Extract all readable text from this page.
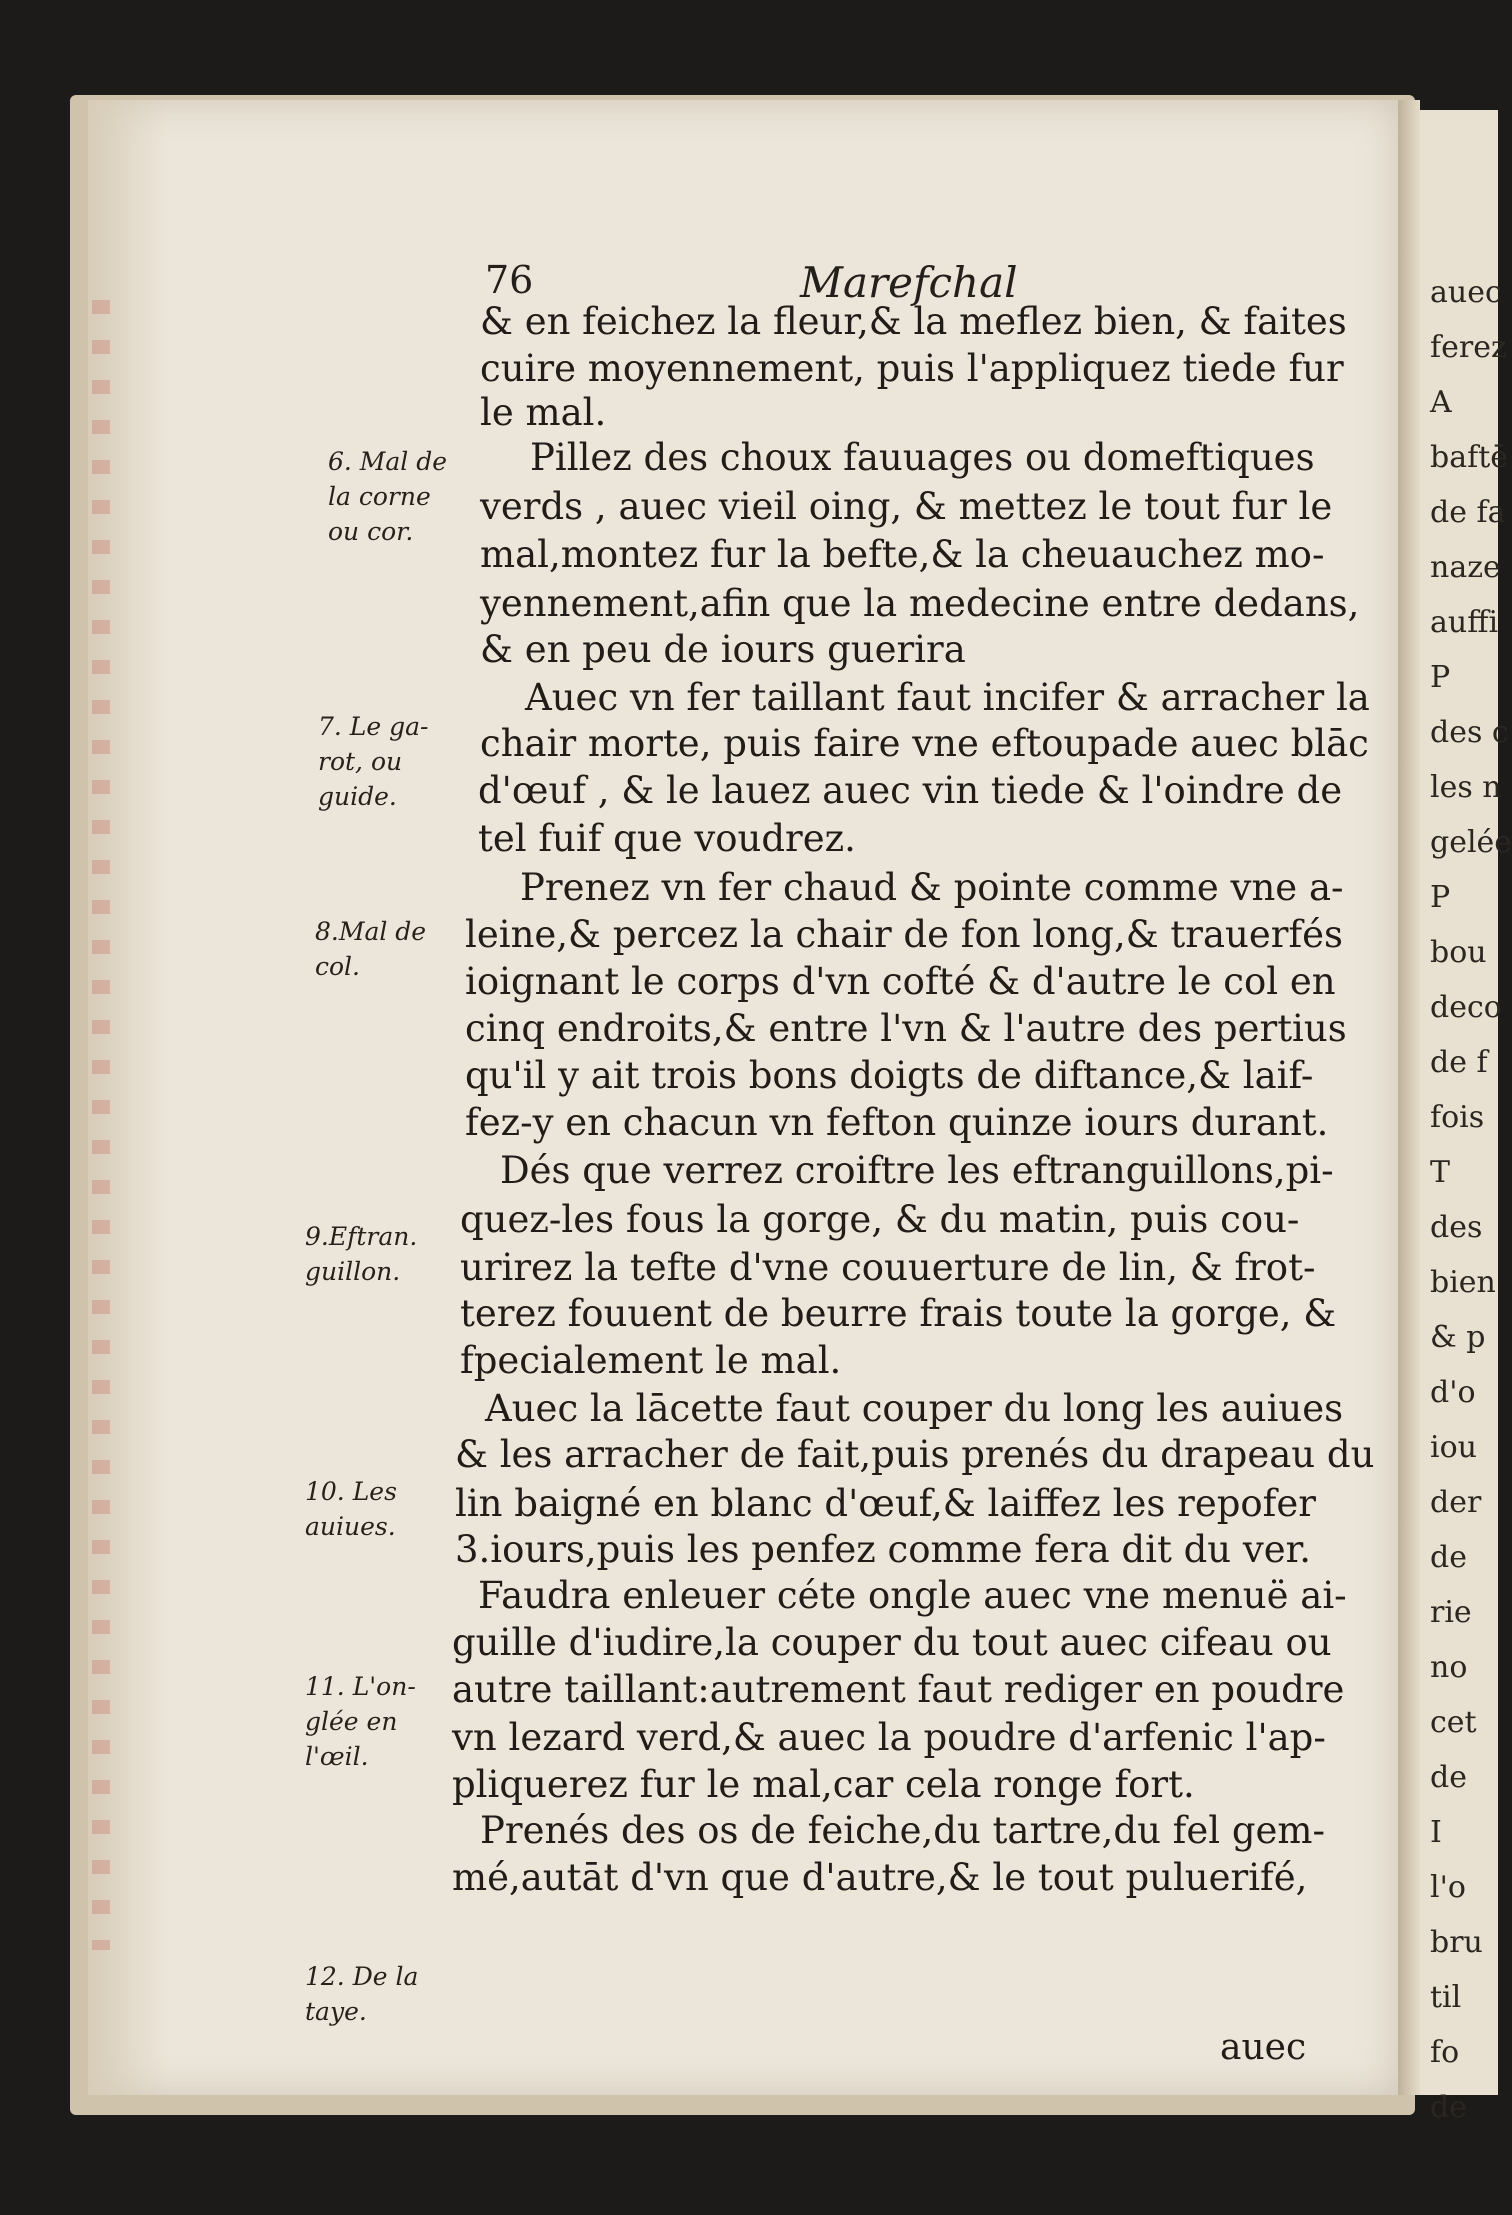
auec
ferez
A
baftē
de fa
naze
auffi
P
des c
les n
gelée
P
bou
deco
de f
fois
T
des
bien
& p
d'o
iou
der
de
rie
no
cet
de
I
l'o
bru
til
fo
de
76	Marefchal
& en feichez la fleur,& la meflez bien, & faites
cuire moyennement, puis l'appliquez tiede fur
le mal.
Pillez des choux fauuages ou domeftiques
verds , auec vieil oing, & mettez le tout fur le
mal,montez fur la befte,& la cheuauchez mo-
yennement,afin que la medecine entre dedans,
& en peu de iours guerira
Auec vn fer taillant faut incifer & arracher la
chair morte, puis faire vne eftoupade auec blāc
d'œuf , & le lauez auec vin tiede & l'oindre de
tel fuif que voudrez.
Prenez vn fer chaud & pointe comme vne a-
leine,& percez la chair de fon long,& trauerfés
ioignant le corps d'vn cofté & d'autre le col en
cinq endroits,& entre l'vn & l'autre des pertius
qu'il y ait trois bons doigts de diftance,& laif-
fez-y en chacun vn fefton quinze iours durant.
Dés que verrez croiftre les eftranguillons,pi-
quez-les fous la gorge, & du matin, puis cou-
urirez la tefte d'vne couuerture de lin, & frot-
terez fouuent de beurre frais toute la gorge, &
fpecialement le mal.
Auec la lācette faut couper du long les auiues
& les arracher de fait,puis prenés du drapeau du
lin baigné en blanc d'œuf,& laiffez les repofer
3.iours,puis les penfez comme fera dit du ver.
Faudra enleuer céte ongle auec vne menuë ai-
guille d'iudire,la couper du tout auec cifeau ou
autre taillant:autrement faut rediger en poudre
vn lezard verd,& auec la poudre d'arfenic l'ap-
pliquerez fur le mal,car cela ronge fort.
Prenés des os de feiche,du tartre,du fel gem-
mé,autāt d'vn que d'autre,& le tout puluerifé,
6. Mal de
la corne
ou cor.
7. Le ga-
rot, ou
guide.
8.Mal de
col.
9.Eftran.
guillon.
10. Les
auiues.
11. L'on-
glée en
l'œil.
12. De la
taye.
auec
